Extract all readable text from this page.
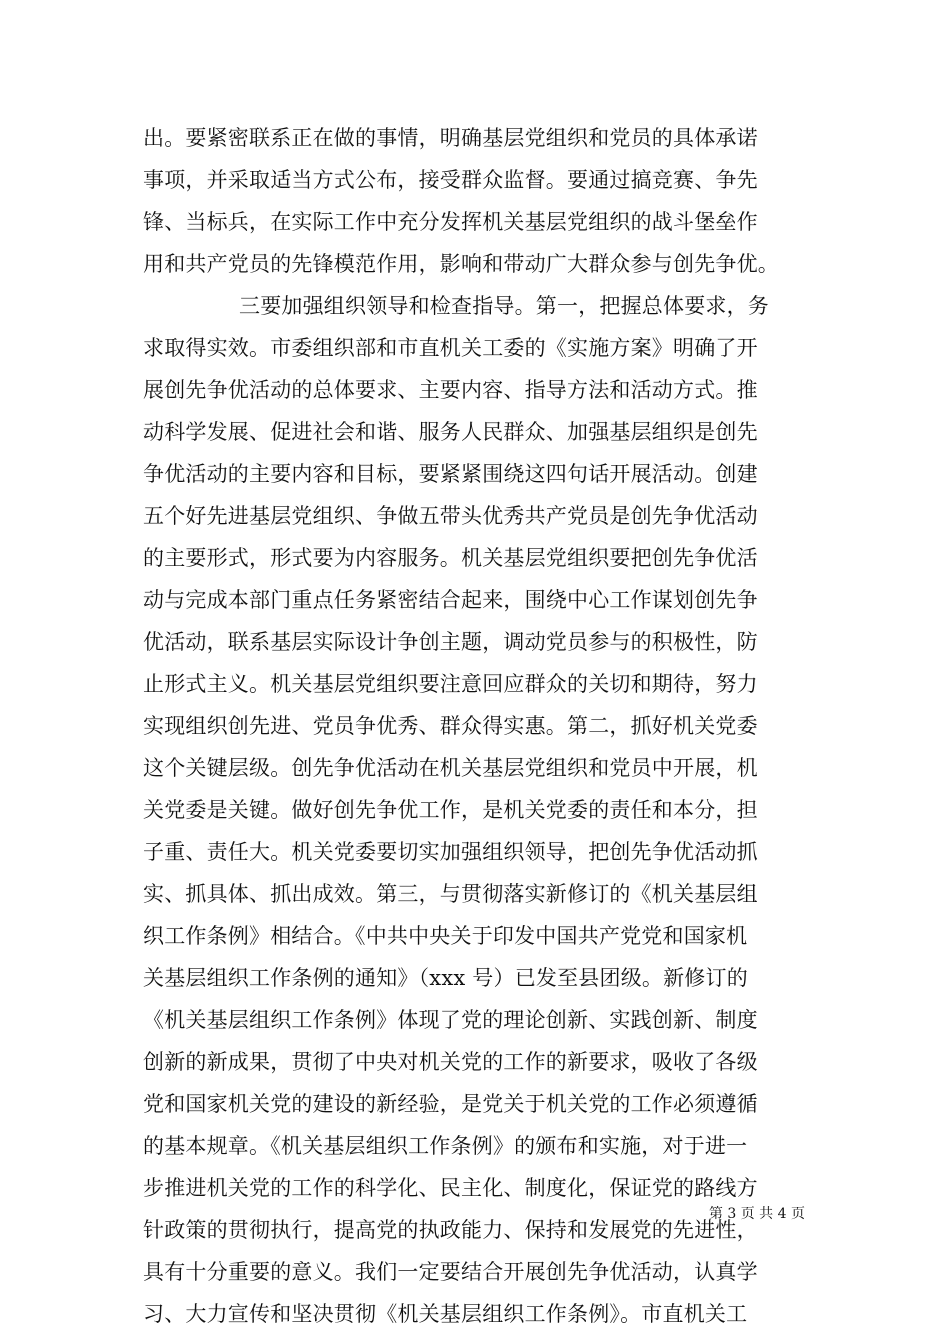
出。要紧密联系正在做的事情，明确基层党组织和党员的具体承诺
事项，并采取适当方式公布，接受群众监督。要通过搞竞赛、争先
锋、当标兵，在实际工作中充分发挥机关基层党组织的战斗堡垒作
用和共产党员的先锋模范作用，影响和带动广大群众参与创先争优。
三要加强组织领导和检查指导。第一，把握总体要求，务
求取得实效。市委组织部和市直机关工委的《实施方案》明确了开
展创先争优活动的总体要求、主要内容、指导方法和活动方式。推
动科学发展、促进社会和谐、服务人民群众、加强基层组织是创先
争优活动的主要内容和目标，要紧紧围绕这四句话开展活动。创建
五个好先进基层党组织、争做五带头优秀共产党员是创先争优活动
的主要形式，形式要为内容服务。机关基层党组织要把创先争优活
动与完成本部门重点任务紧密结合起来，围绕中心工作谋划创先争
优活动，联系基层实际设计争创主题，调动党员参与的积极性，防
止形式主义。机关基层党组织要注意回应群众的关切和期待，努力
实现组织创先进、党员争优秀、群众得实惠。第二，抓好机关党委
这个关键层级。创先争优活动在机关基层党组织和党员中开展，机
关党委是关键。做好创先争优工作，是机关党委的责任和本分，担
子重、责任大。机关党委要切实加强组织领导，把创先争优活动抓
实、抓具体、抓出成效。第三，与贯彻落实新修订的《机关基层组
织工作条例》相结合。《中共中央关于印发中国共产党党和国家机
关基层组织工作条例的通知》（xxx 号）已发至县团级。新修订的
《机关基层组织工作条例》体现了党的理论创新、实践创新、制度
创新的新成果，贯彻了中央对机关党的工作的新要求，吸收了各级
党和国家机关党的建设的新经验，是党关于机关党的工作必须遵循
的基本规章。《机关基层组织工作条例》的颁布和实施，对于进一
步推进机关党的工作的科学化、民主化、制度化，保证党的路线方
针政策的贯彻执行，提高党的执政能力、保持和发展党的先进性，
具有十分重要的意义。我们一定要结合开展创先争优活动，认真学
习、大力宣传和坚决贯彻《机关基层组织工作条例》。市直机关工
第 3 页 共 4 页
